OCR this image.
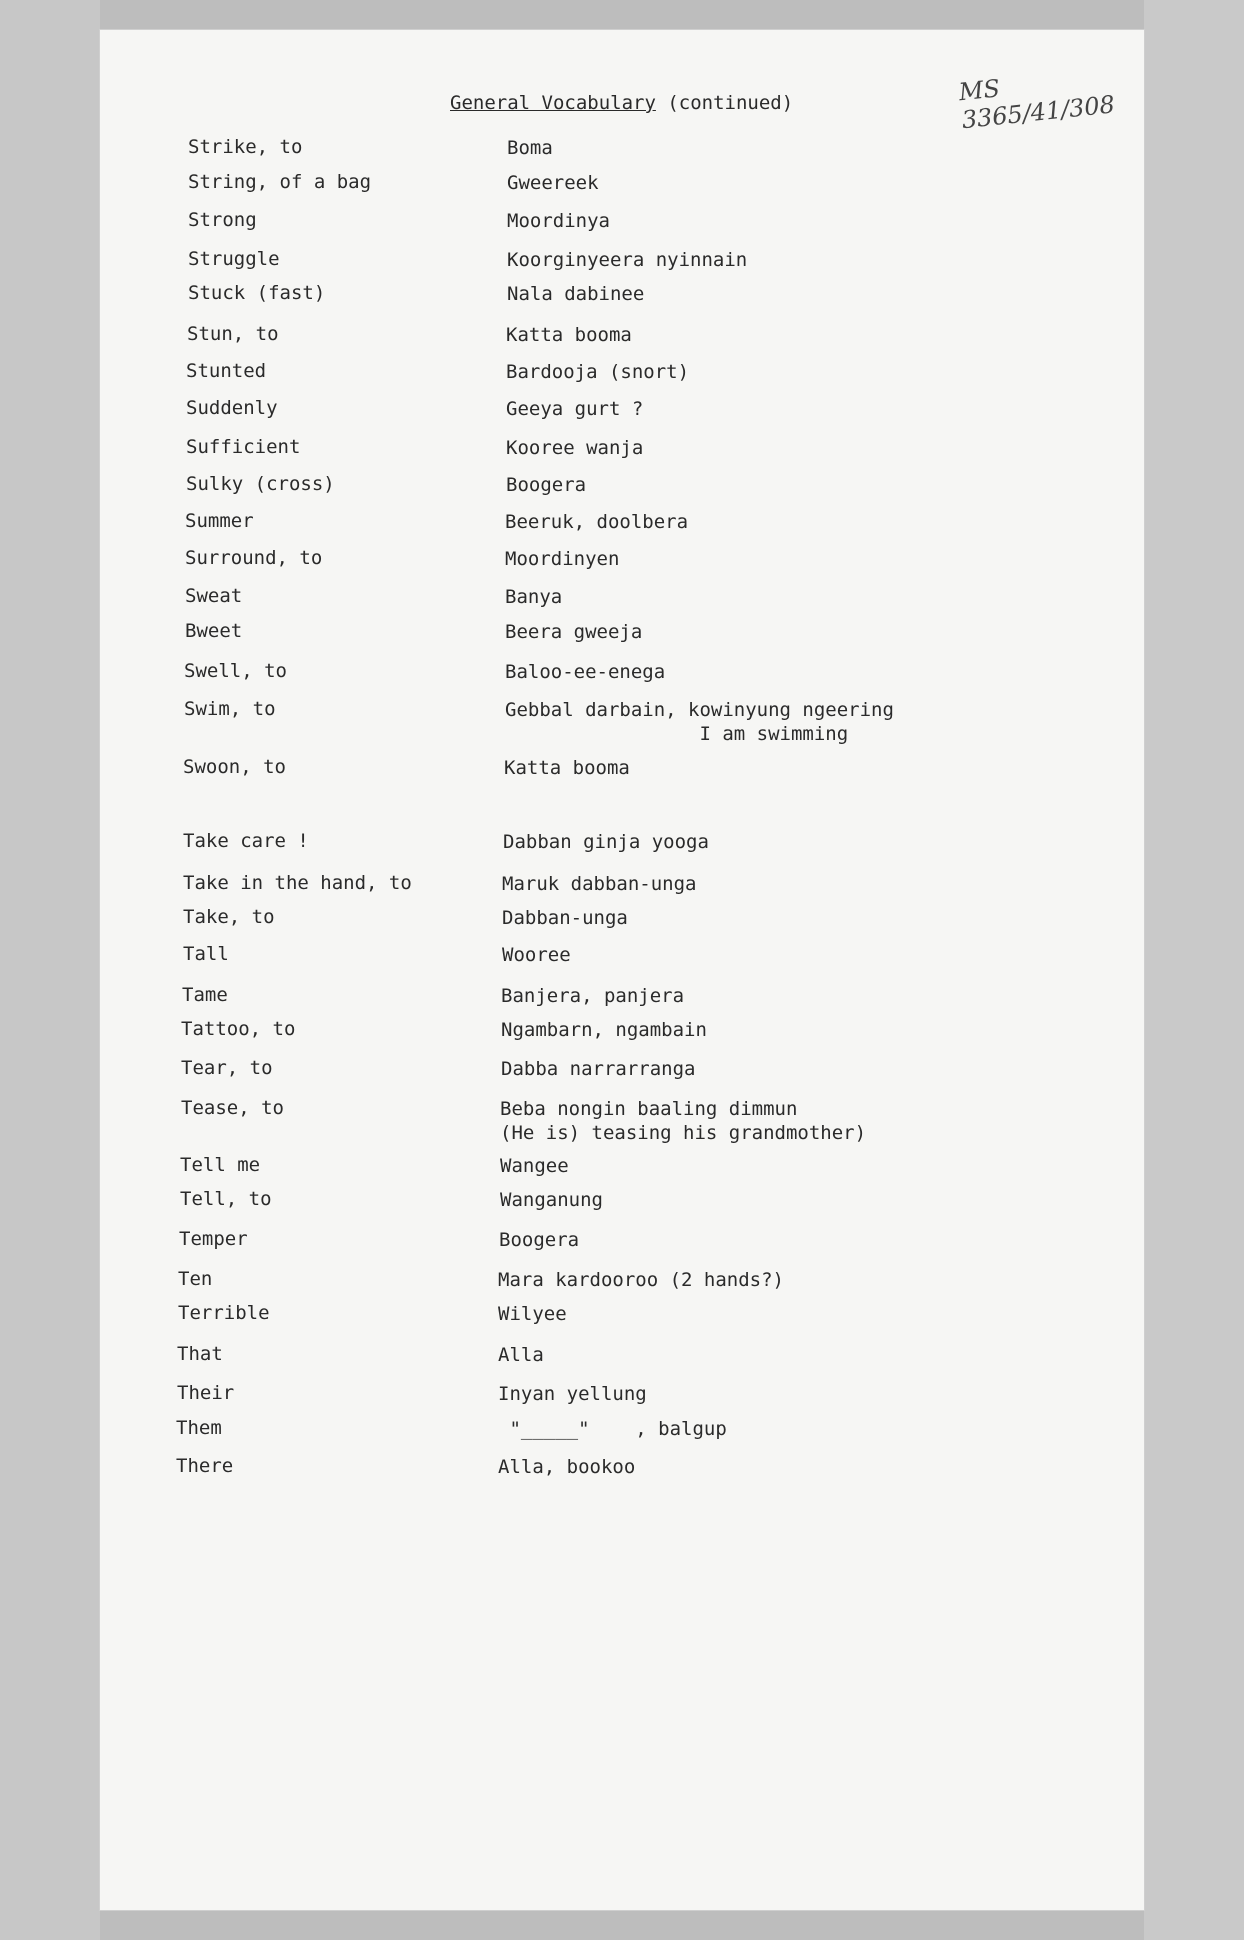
MS 3365/41/308
General Vocabulary (continued)
Strike, to	Boma
String, of a bag	Gweereek
Strong	Moordinya
Struggle	Koorginyeera nyinnain
Stuck (fast)	Nala dabinee
Stun, to	Katta booma
Stunted	Bardooja (snort)
Suddenly	Geeya gurt ?
Sufficient	Kooree wanja
Sulky (cross)	Boogera
Summer	Beeruk, doolbera
Surround, to	Moordinyen
Sweat	Banya
Bweet	Beera gweeja
Swell, to	Baloo-ee-enega
Swim, to	Gebbal darbain, kowinyung ngeering
I am swimming
Swoon, to	Katta booma
Take care !	Dabban ginja yooga
Take in the hand, to	Maruk dabban-unga
Take, to	Dabban-unga
Tall	Wooree
Tame	Banjera, panjera
Tattoo, to	Ngambarn, ngambain
Tear, to	Dabba narrarranga
Tease, to	Beba nongin baaling dimmun
(He is) teasing his grandmother)
Tell me	Wangee
Tell, to	Wanganung
Temper	Boogera
Ten	Mara kardooroo (2 hands?)
Terrible	Wilyee
That	Alla
Their	Inyan yellung
Them	"_____"    , balgup
There	Alla, bookoo
